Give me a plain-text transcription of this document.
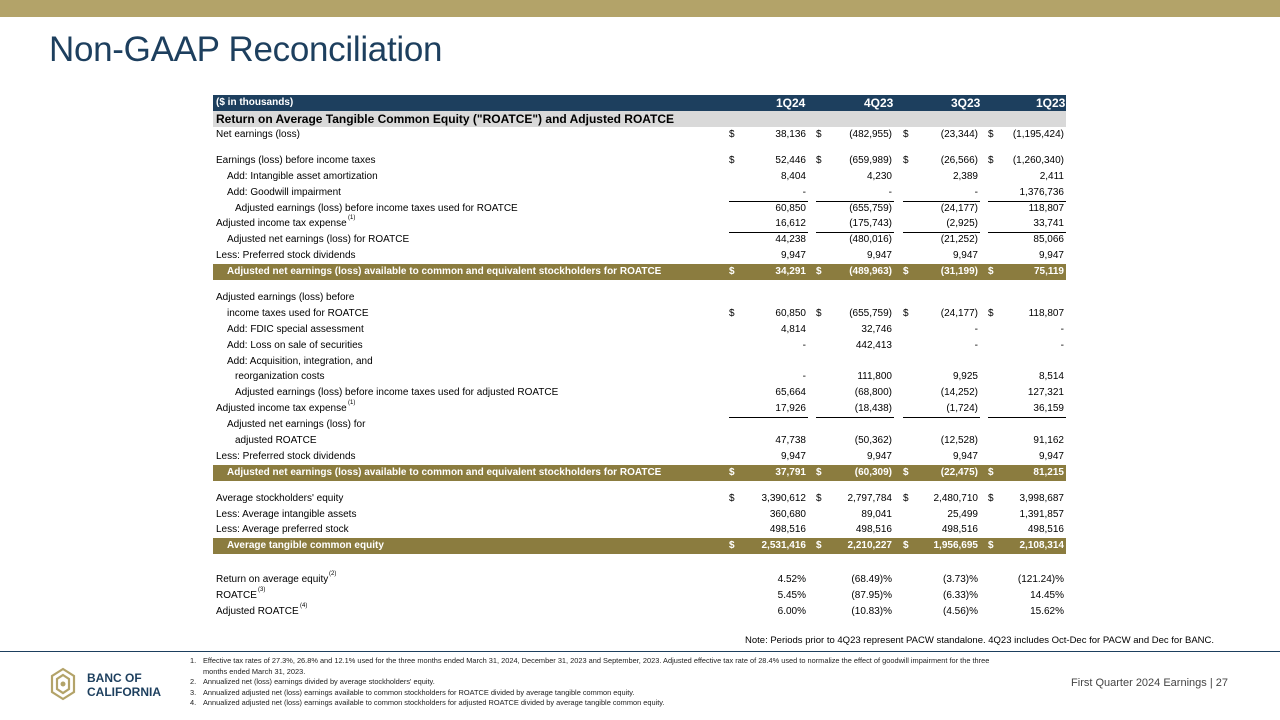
Non-GAAP Reconciliation
($ in thousands)	1Q24	4Q23	3Q23	1Q23
Return on Average Tangible Common Equity ("ROATCE") and Adjusted ROATCE
Net earnings (loss)	$	38,136 $	(482,955) $	(23,344) $ (1,195,424)
Earnings (loss) before income taxes	$	52,446 $	(659,989) $	(26,566) $ (1,260,340)
Add: Intangible asset amortization	8,404	4,230	2,389	2,411
Add: Goodwill impairment	-	-	-	1,376,736
Adjusted earnings (loss) before income taxes used for ROATCE	60,850	(655,759)	(24,177)	118,807
Adjusted income tax expense (1)	16,612	(175,743)	(2,925)	33,741
Adjusted net earnings (loss) for ROATCE	44,238	(480,016)	(21,252)	85,066
Less: Preferred stock dividends	9,947	9,947	9,947	9,947
Adjusted net earnings (loss) available to common and equivalent stockholders for ROATCE	$	34,291 $	(489,963) $	(31,199) $	75,119
Adjusted earnings (loss) before
income taxes used for ROATCE	$	60,850 $	(655,759) $	(24,177) $	118,807
Add: FDIC special assessment	4,814	32,746	-	-
Add: Loss on sale of securities	-	442,413	-	-
Add: Acquisition, integration, and
reorganization costs	-	111,800	9,925	8,514
Adjusted earnings (loss) before income taxes used for adjusted ROATCE	65,664	(68,800)	(14,252)	127,321
Adjusted income tax expense (1)	17,926	(18,438)	(1,724)	36,159
Adjusted net earnings (loss) for
adjusted ROATCE	47,738	(50,362)	(12,528)	91,162
Less: Preferred stock dividends	9,947	9,947	9,947	9,947
Adjusted net earnings (loss) available to common and equivalent stockholders for ROATCE	$	37,791 $	(60,309) $	(22,475) $	81,215
Average stockholders' equity	$	3,390,612 $	2,797,784 $ 2,480,710 $	3,998,687
Less: Average intangible assets	360,680	89,041	25,499	1,391,857
Less: Average preferred stock	498,516	498,516	498,516	498,516
Average tangible common equity	$	2,531,416 $	2,210,227 $ 1,956,695 $	2,108,314
Return on average equity (2)	4.52%	(68.49)%	(3.73)%	(121.24)%
ROATCE (3)	5.45%	(87.95)%	(6.33)%	14.45%
Adjusted ROATCE (4)	6.00%	(10.83)%	(4.56)%	15.62%
Note: Periods prior to 4Q23 represent PACW standalone. 4Q23 includes Oct-Dec for PACW and Dec for BANC.
BANC OF
CALIFORNIA
1. Effective tax rates of 27.3%, 26.8% and 12.1% used for the three months ended March 31, 2024, December 31, 2023 and September, 2023. Adjusted effective tax rate of 28.4% used to normalize the effect of goodwill impairment for the three months ended March 31, 2023.
2. Annualized net (loss) earnings divided by average stockholders' equity.
3. Annualized adjusted net (loss) earnings available to common stockholders for ROATCE divided by average tangible common equity.
4. Annualized adjusted net (loss) earnings available to common stockholders for adjusted ROATCE divided by average tangible common equity.
First Quarter 2024 Earnings | 27
